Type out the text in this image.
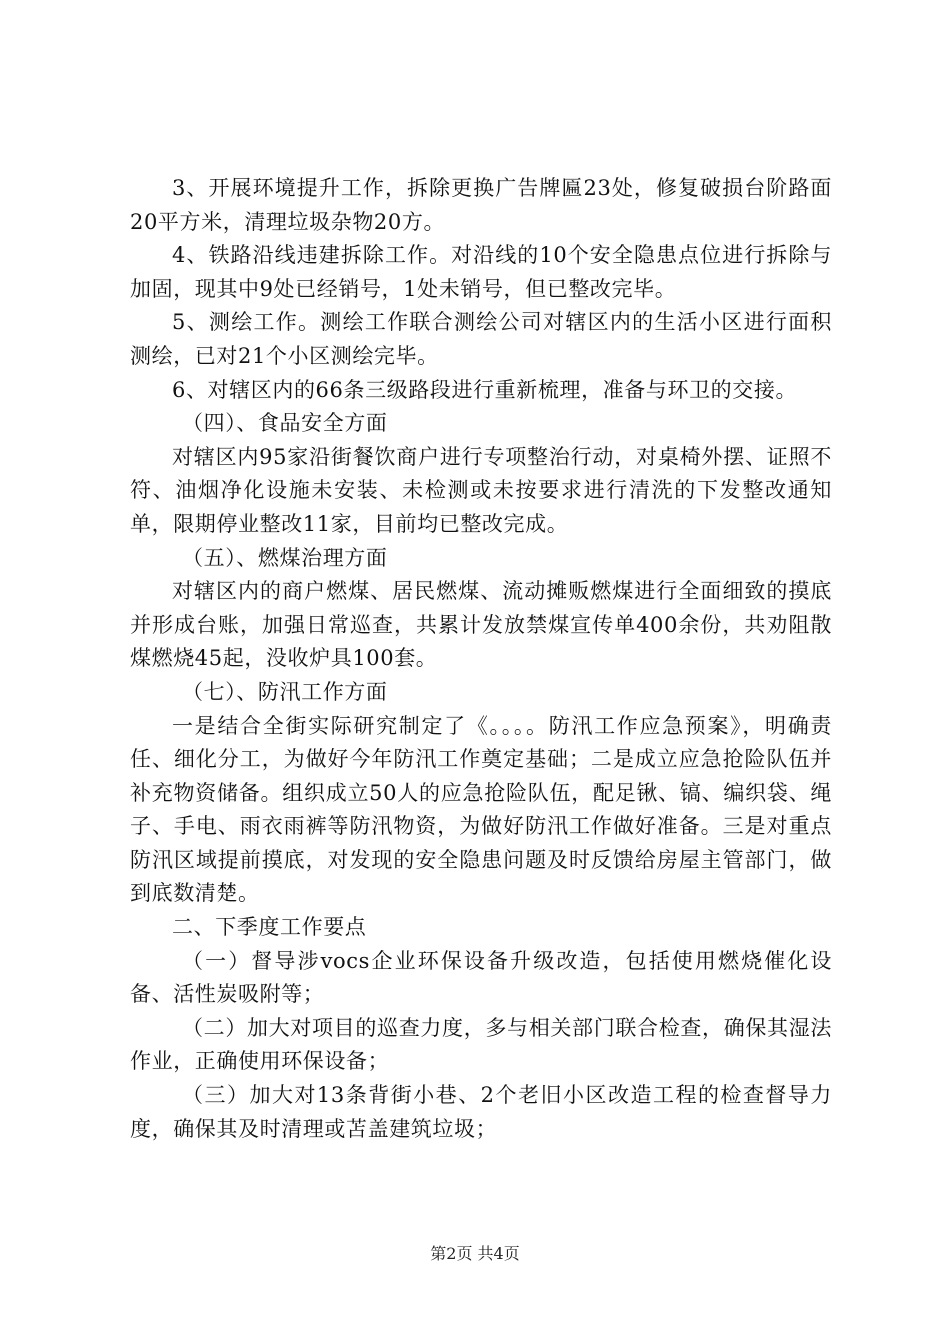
3、开展环境提升工作，拆除更换广告牌匾23处，修复破损台阶路面20平方米，清理垃圾杂物20方。

4、铁路沿线违建拆除工作。对沿线的10个安全隐患点位进行拆除与加固，现其中9处已经销号，1处未销号，但已整改完毕。

5、测绘工作。测绘工作联合测绘公司对辖区内的生活小区进行面积测绘，已对21个小区测绘完毕。

6、对辖区内的66条三级路段进行重新梳理，准备与环卫的交接。

（四）、食品安全方面

对辖区内95家沿街餐饮商户进行专项整治行动，对桌椅外摆、证照不符、油烟净化设施未安装、未检测或未按要求进行清洗的下发整改通知单，限期停业整改11家，目前均已整改完成。

（五）、燃煤治理方面

对辖区内的商户燃煤、居民燃煤、流动摊贩燃煤进行全面细致的摸底并形成台账，加强日常巡查，共累计发放禁煤宣传单400余份，共劝阻散煤燃烧45起，没收炉具100套。

（七）、防汛工作方面

一是结合全街实际研究制定了《。。。。防汛工作应急预案》，明确责任、细化分工，为做好今年防汛工作奠定基础；二是成立应急抢险队伍并补充物资储备。组织成立50人的应急抢险队伍，配足锹、镐、编织袋、绳子、手电、雨衣雨裤等防汛物资，为做好防汛工作做好准备。三是对重点防汛区域提前摸底，对发现的安全隐患问题及时反馈给房屋主管部门，做到底数清楚。

二、下季度工作要点

（一）督导涉vocs企业环保设备升级改造，包括使用燃烧催化设备、活性炭吸附等；

（二）加大对项目的巡查力度，多与相关部门联合检查，确保其湿法作业，正确使用环保设备；

（三）加大对13条背街小巷、2个老旧小区改造工程的检查督导力度，确保其及时清理或苫盖建筑垃圾；

第2页 共4页
